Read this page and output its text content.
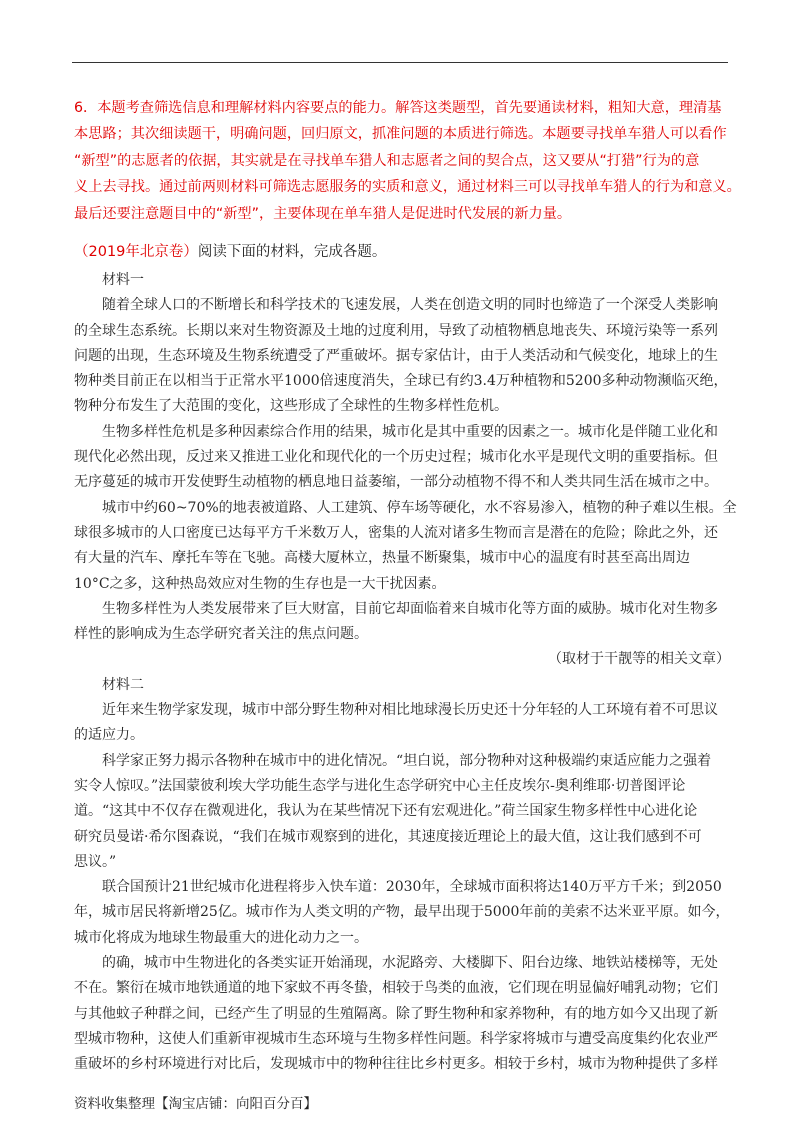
6．本题考查筛选信息和理解材料内容要点的能力。解答这类题型，首先要通读材料，粗知大意，理清基

本思路；其次细读题干，明确问题，回归原文，抓准问题的本质进行筛选。本题要寻找单车猎人可以看作

“新型”的志愿者的依据，其实就是在寻找单车猎人和志愿者之间的契合点，这又要从“打猎”行为的意

义上去寻找。通过前两则材料可筛选志愿服务的实质和意义，通过材料三可以寻找单车猎人的行为和意义。

最后还要注意题目中的“新型”，主要体现在单车猎人是促进时代发展的新力量。

（2019年北京卷）阅读下面的材料，完成各题。

材料一

随着全球人口的不断增长和科学技术的飞速发展，人类在创造文明的同时也缔造了一个深受人类影响

的全球生态系统。长期以来对生物资源及土地的过度利用，导致了动植物栖息地丧失、环境污染等一系列

问题的出现，生态环境及生物系统遭受了严重破坏。据专家估计，由于人类活动和气候变化，地球上的生

物种类目前正在以相当于正常水平1000倍速度消失，全球已有约3.4万种植物和5200多种动物濒临灭绝，

物种分布发生了大范围的变化，这些形成了全球性的生物多样性危机。

生物多样性危机是多种因素综合作用的结果，城市化是其中重要的因素之一。城市化是伴随工业化和

现代化必然出现，反过来又推进工业化和现代化的一个历史过程；城市化水平是现代文明的重要指标。但

无序蔓延的城市开发使野生动植物的栖息地日益萎缩，一部分动植物不得不和人类共同生活在城市之中。

城市中约60~70%的地表被道路、人工建筑、停车场等硬化，水不容易渗入，植物的种子难以生根。全

球很多城市的人口密度已达每平方千米数万人，密集的人流对诸多生物而言是潜在的危险；除此之外，还

有大量的汽车、摩托车等在飞驰。高楼大厦林立，热量不断聚集，城市中心的温度有时甚至高出周边

10°C之多，这种热岛效应对生物的生存也是一大干扰因素。

生物多样性为人类发展带来了巨大财富，目前它却面临着来自城市化等方面的威胁。城市化对生物多

样性的影响成为生态学研究者关注的焦点问题。

（取材于干靓等的相关文章）

材料二

近年来生物学家发现，城市中部分野生物种对相比地球漫长历史还十分年轻的人工环境有着不可思议

的适应力。

科学家正努力揭示各物种在城市中的进化情况。“坦白说，部分物种对这种极端约束适应能力之强着

实令人惊叹。”法国蒙彼利埃大学功能生态学与进化生态学研究中心主任皮埃尔-奥利维耶·切普图评论

道。“这其中不仅存在微观进化，我认为在某些情况下还有宏观进化。”荷兰国家生物多样性中心进化论

研究员曼诺·希尔图森说，“我们在城市观察到的进化，其速度接近理论上的最大值，这让我们感到不可

思议。”

联合国预计21世纪城市化进程将步入快车道：2030年，全球城市面积将达140万平方千米；到2050

年，城市居民将新增25亿。城市作为人类文明的产物，最早出现于5000年前的美索不达米亚平原。如今，

城市化将成为地球生物最重大的进化动力之一。

的确，城市中生物进化的各类实证开始涌现，水泥路旁、大楼脚下、阳台边缘、地铁站楼梯等，无处

不在。繁衍在城市地铁通道的地下家蚊不再冬蛰，相较于鸟类的血液，它们现在明显偏好哺乳动物；它们

与其他蚊子种群之间，已经产生了明显的生殖隔离。除了野生物种和家养物种，有的地方如今又出现了新

型城市物种，这使人们重新审视城市生态环境与生物多样性问题。科学家将城市与遭受高度集约化农业严

重破坏的乡村环境进行对比后，发现城市中的物种往往比乡村更多。相较于乡村，城市为物种提供了多样

资料收集整理【淘宝店铺：向阳百分百】
